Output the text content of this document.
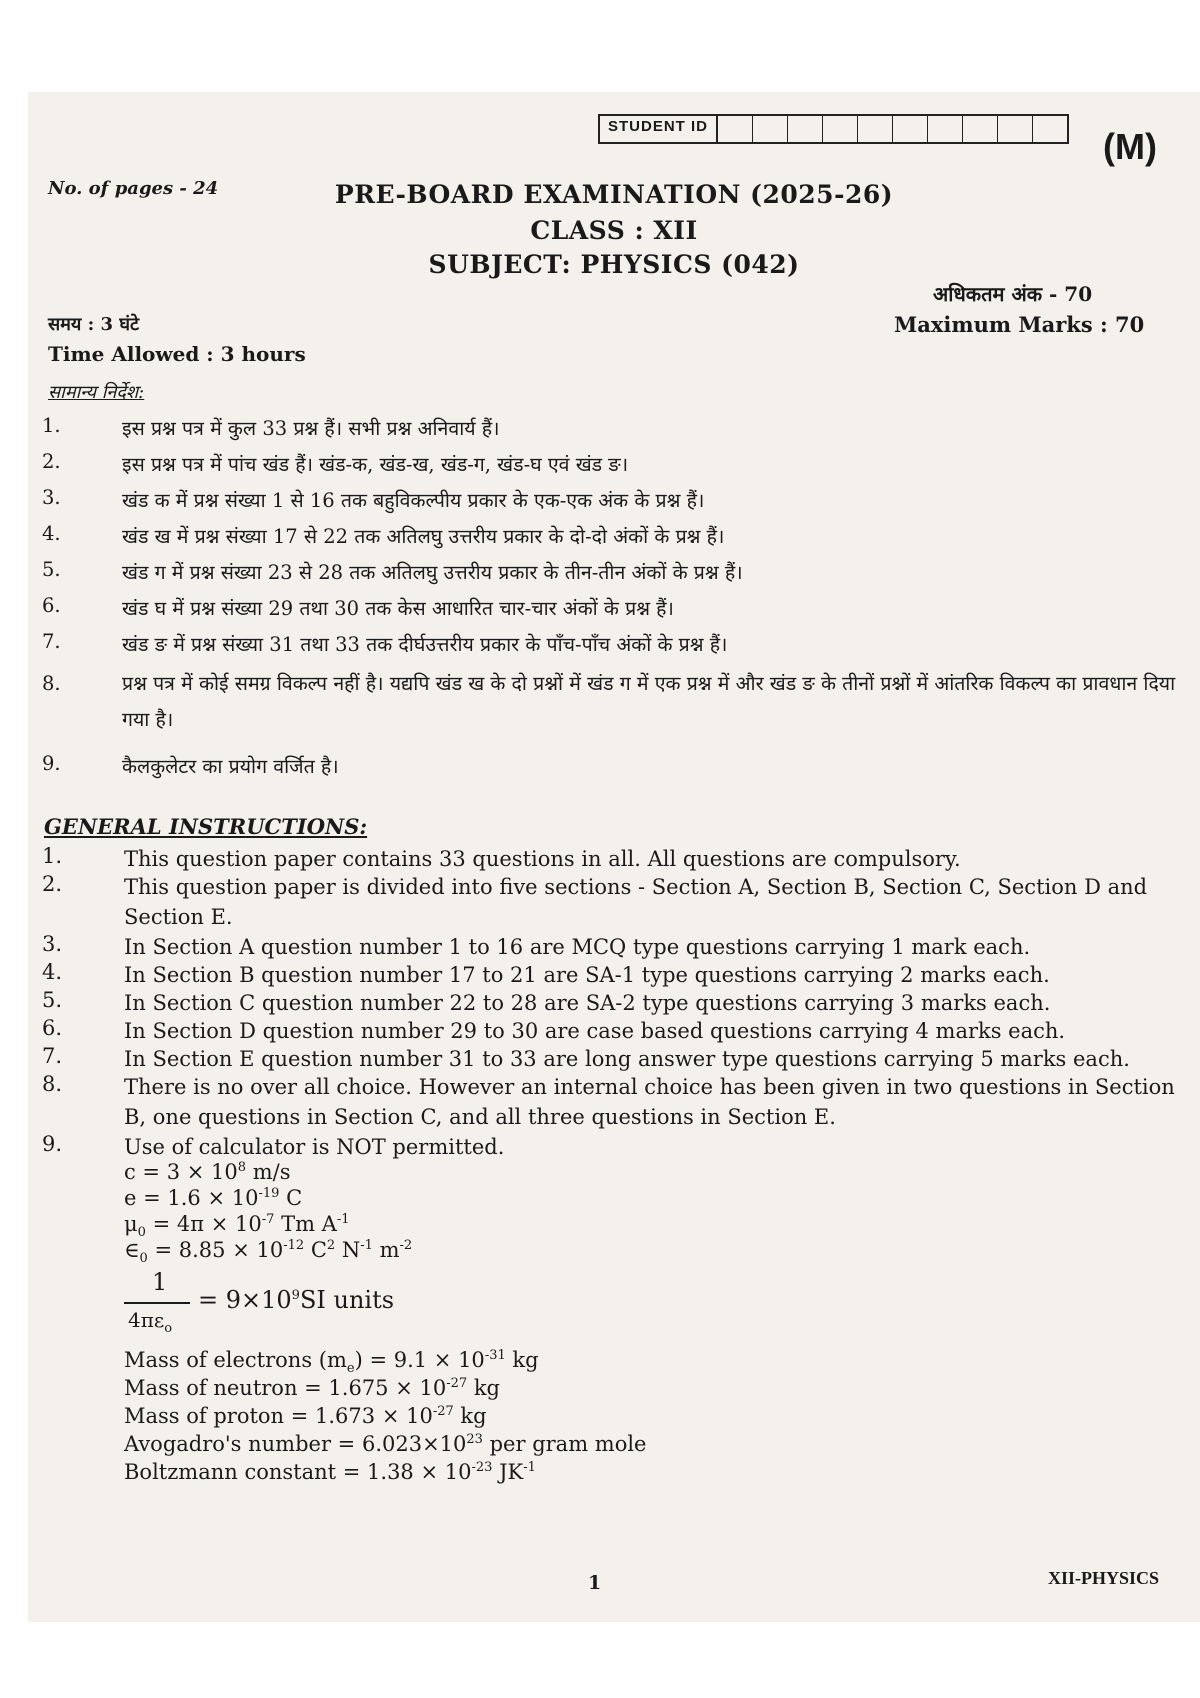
STUDENT ID	(M)
No. of pages - 24	PRE-BOARD EXAMINATION (2025-26)
CLASS : XII
SUBJECT: PHYSICS (042)
अधिकतम अंक - 70
Maximum Marks : 70
समय : 3 घंटे
Time Allowed : 3 hours
सामान्य निर्देश:
1.	इस प्रश्न पत्र में कुल 33 प्रश्न हैं। सभी प्रश्न अनिवार्य हैं।
2.	इस प्रश्न पत्र में पांच खंड हैं। खंड-क, खंड-ख, खंड-ग, खंड-घ एवं खंड ङ।
3.	खंड क में प्रश्न संख्या 1 से 16 तक बहुविकल्पीय प्रकार के एक-एक अंक के प्रश्न हैं।
4.	खंड ख में प्रश्न संख्या 17 से 22 तक अतिलघु उत्तरीय प्रकार के दो-दो अंकों के प्रश्न हैं।
5.	खंड ग में प्रश्न संख्या 23 से 28 तक अतिलघु उत्तरीय प्रकार के तीन-तीन अंकों के प्रश्न हैं।
6.	खंड घ में प्रश्न संख्या 29 तथा 30 तक केस आधारित चार-चार अंकों के प्रश्न हैं।
7.	खंड ङ में प्रश्न संख्या 31 तथा 33 तक दीर्घउत्तरीय प्रकार के पाँच-पाँच अंकों के प्रश्न हैं।
8.	प्रश्न पत्र में कोई समग्र विकल्प नहीं है। यद्यपि खंड ख के दो प्रश्नों में खंड ग में एक प्रश्न में और खंड ङ के तीनों प्रश्नों में आंतरिक विकल्प का प्रावधान दिया गया है।
9.	कैलकुलेटर का प्रयोग वर्जित है।
GENERAL INSTRUCTIONS:
1.	This question paper contains 33 questions in all. All questions are compulsory.
2.	This question paper is divided into five sections - Section A, Section B, Section C, Section D and Section E.
3.	In Section A question number 1 to 16 are MCQ type questions carrying 1 mark each.
4.	In Section B question number 17 to 21 are SA-1 type questions carrying 2 marks each.
5.	In Section C question number 22 to 28 are SA-2 type questions carrying 3 marks each.
6.	In Section D question number 29 to 30 are case based questions carrying 4 marks each.
7.	In Section E question number 31 to 33 are long answer type questions carrying 5 marks each.
8.	There is no over all choice. However an internal choice has been given in two questions in Section B, one questions in Section C, and all three questions in Section E.
9.	Use of calculator is NOT permitted.
$c = 3 \times 10^8$ m/s
$e = 1.6 \times 10^{-19}$ C
$\mu_0 = 4\pi \times 10^{-7}$ Tm $A^{-1}$
$\in_0 = 8.85 \times 10^{-12}$ $C^2$ $N^{-1}$ $m^{-2}$
1
$4\pi\varepsilon_o$
= $9\times 10^9SI$ units
Mass of electrons $(m_e) = 9.1 \times 10^{-31}$ kg
Mass of neutron = $1.675 \times 10^{-27}$ kg
Mass of proton = $1.673 \times 10^{-27}$ kg
Avogadro's number = $6.023\times 10^{23}$ per gram mole
Boltzmann constant = $1.38 \times 10^{-23}$ $JK^{-1}$
1	XII-PHYSICS
